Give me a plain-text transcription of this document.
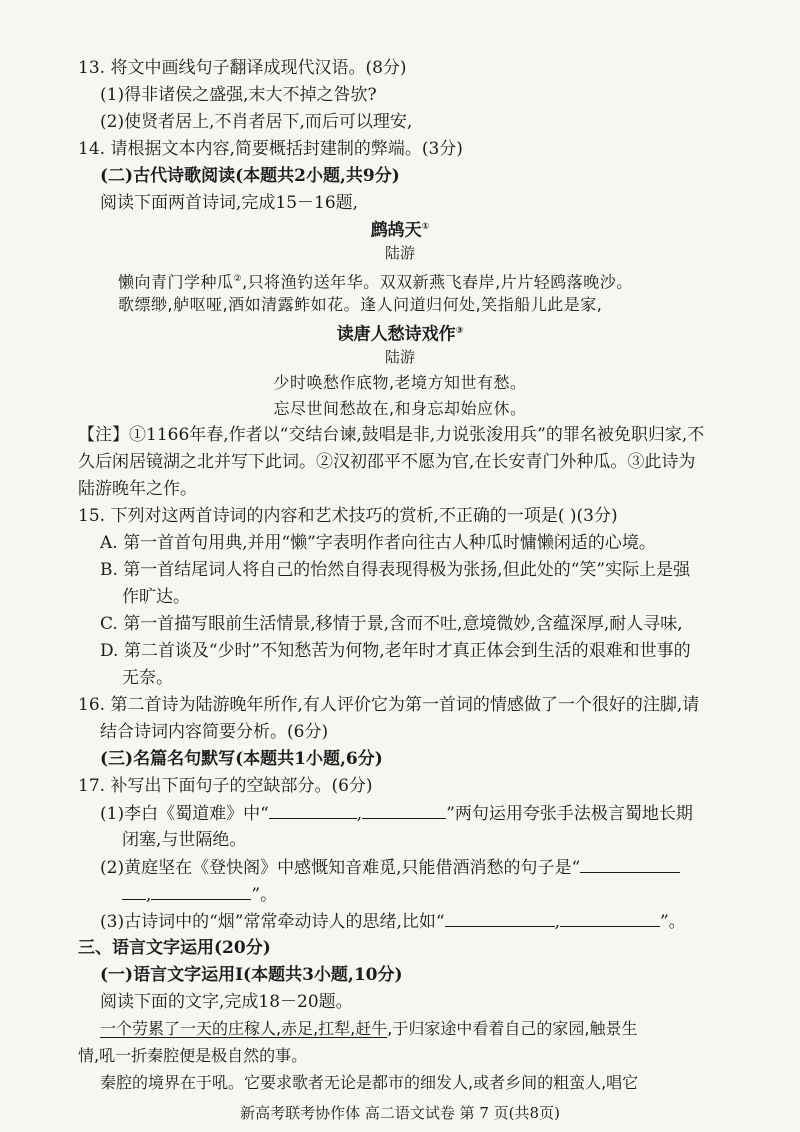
13. 将文中画线句子翻译成现代汉语。(8分)
(1)得非诸侯之盛强,末大不掉之咎欤?
(2)使贤者居上,不肖者居下,而后可以理安,
14. 请根据文本内容,简要概括封建制的弊端。(3分)
(二)古代诗歌阅读(本题共2小题,共9分)
阅读下面两首诗词,完成15－16题,
鹧鸪天①
陆游
懒向青门学种瓜②,只将渔钓送年华。双双新燕飞春岸,片片轻鸥落晚沙。
歌缥缈,舻呕哑,酒如清露鲊如花。逢人问道归何处,笑指船儿此是家,
读唐人愁诗戏作③
陆游
少时唤愁作底物,老境方知世有愁。
忘尽世间愁故在,和身忘却始应休。
【注】①1166年春,作者以“交结台谏,鼓唱是非,力说张浚用兵”的罪名被免职归家,不
久后闲居镜湖之北并写下此词。②汉初邵平不愿为官,在长安青门外种瓜。③此诗为
陆游晚年之作。
15. 下列对这两首诗词的内容和艺术技巧的赏析,不正确的一项是( )(3分)
A. 第一首首句用典,并用“懒”字表明作者向往古人种瓜时慵懒闲适的心境。
B. 第一首结尾词人将自己的怡然自得表现得极为张扬,但此处的“笑”实际上是强
作旷达。
C. 第一首描写眼前生活情景,移情于景,含而不吐,意境微妙,含蕴深厚,耐人寻味,
D. 第二首谈及“少时”不知愁苦为何物,老年时才真正体会到生活的艰难和世事的
无奈。
16. 第二首诗为陆游晚年所作,有人评价它为第一首词的情感做了一个很好的注脚,请
结合诗词内容简要分析。(6分)
(三)名篇名句默写(本题共1小题,6分)
17. 补写出下面句子的空缺部分。(6分)
(1)李白《蜀道难》中“	,	”两句运用夸张手法极言蜀地长期
闭塞,与世隔绝。
(2)黄庭坚在《登快阁》中感慨知音难觅,只能借酒消愁的句子是“
,	”。
(3)古诗词中的“烟”常常牵动诗人的思绪,比如“	,	”。
三、语言文字运用(20分)
(一)语言文字运用Ⅰ(本题共3小题,10分)
阅读下面的文字,完成18－20题。
一个劳累了一天的庄稼人,赤足,扛犁,赶牛,于归家途中看着自己的家园,触景生
情,吼一折秦腔便是极自然的事。
秦腔的境界在于吼。它要求歌者无论是都市的细发人,或者乡间的粗蛮人,唱它
新高考联考协作体 高二语文试卷 第 7 页(共8页)
